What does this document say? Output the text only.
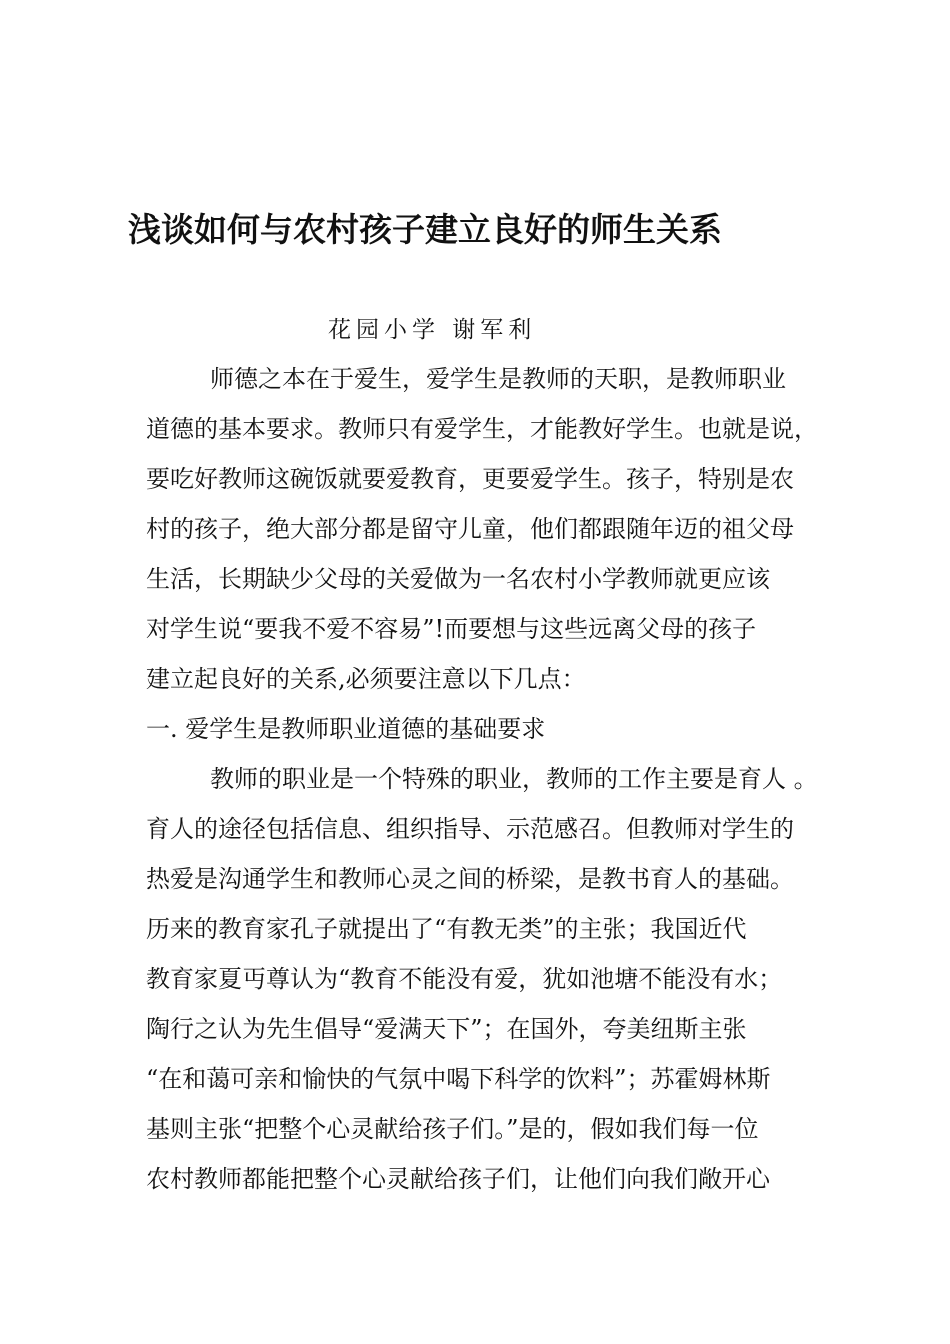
浅谈如何与农村孩子建立良好的师生关系
花园小学 谢军利
师德之本在于爱生，爱学生是教师的天职，是教师职业
道德的基本要求。教师只有爱学生，才能教好学生。也就是说，
要吃好教师这碗饭就要爱教育，更要爱学生。孩子，特别是农
村的孩子，绝大部分都是留守儿童，他们都跟随年迈的祖父母
生活，长期缺少父母的关爱做为一名农村小学教师就更应该
对学生说“要我不爱不容易”!而要想与这些远离父母的孩子
建立起良好的关系,必须要注意以下几点：
一. 爱学生是教师职业道德的基础要求
教师的职业是一个特殊的职业，教师的工作主要是育人 。
育人的途径包括信息、组织指导、示范感召。但教师对学生的
热爱是沟通学生和教师心灵之间的桥梁，是教书育人的基础。
历来的教育家孔子就提出了“有教无类”的主张；我国近代
教育家夏丏尊认为“教育不能没有爱，犹如池塘不能没有水；
陶行之认为先生倡导“爱满天下”；在国外，夸美纽斯主张
“在和蔼可亲和愉快的气氛中喝下科学的饮料”；苏霍姆林斯
基则主张“把整个心灵献给孩子们。”是的，假如我们每一位
农村教师都能把整个心灵献给孩子们，让他们向我们敞开心
